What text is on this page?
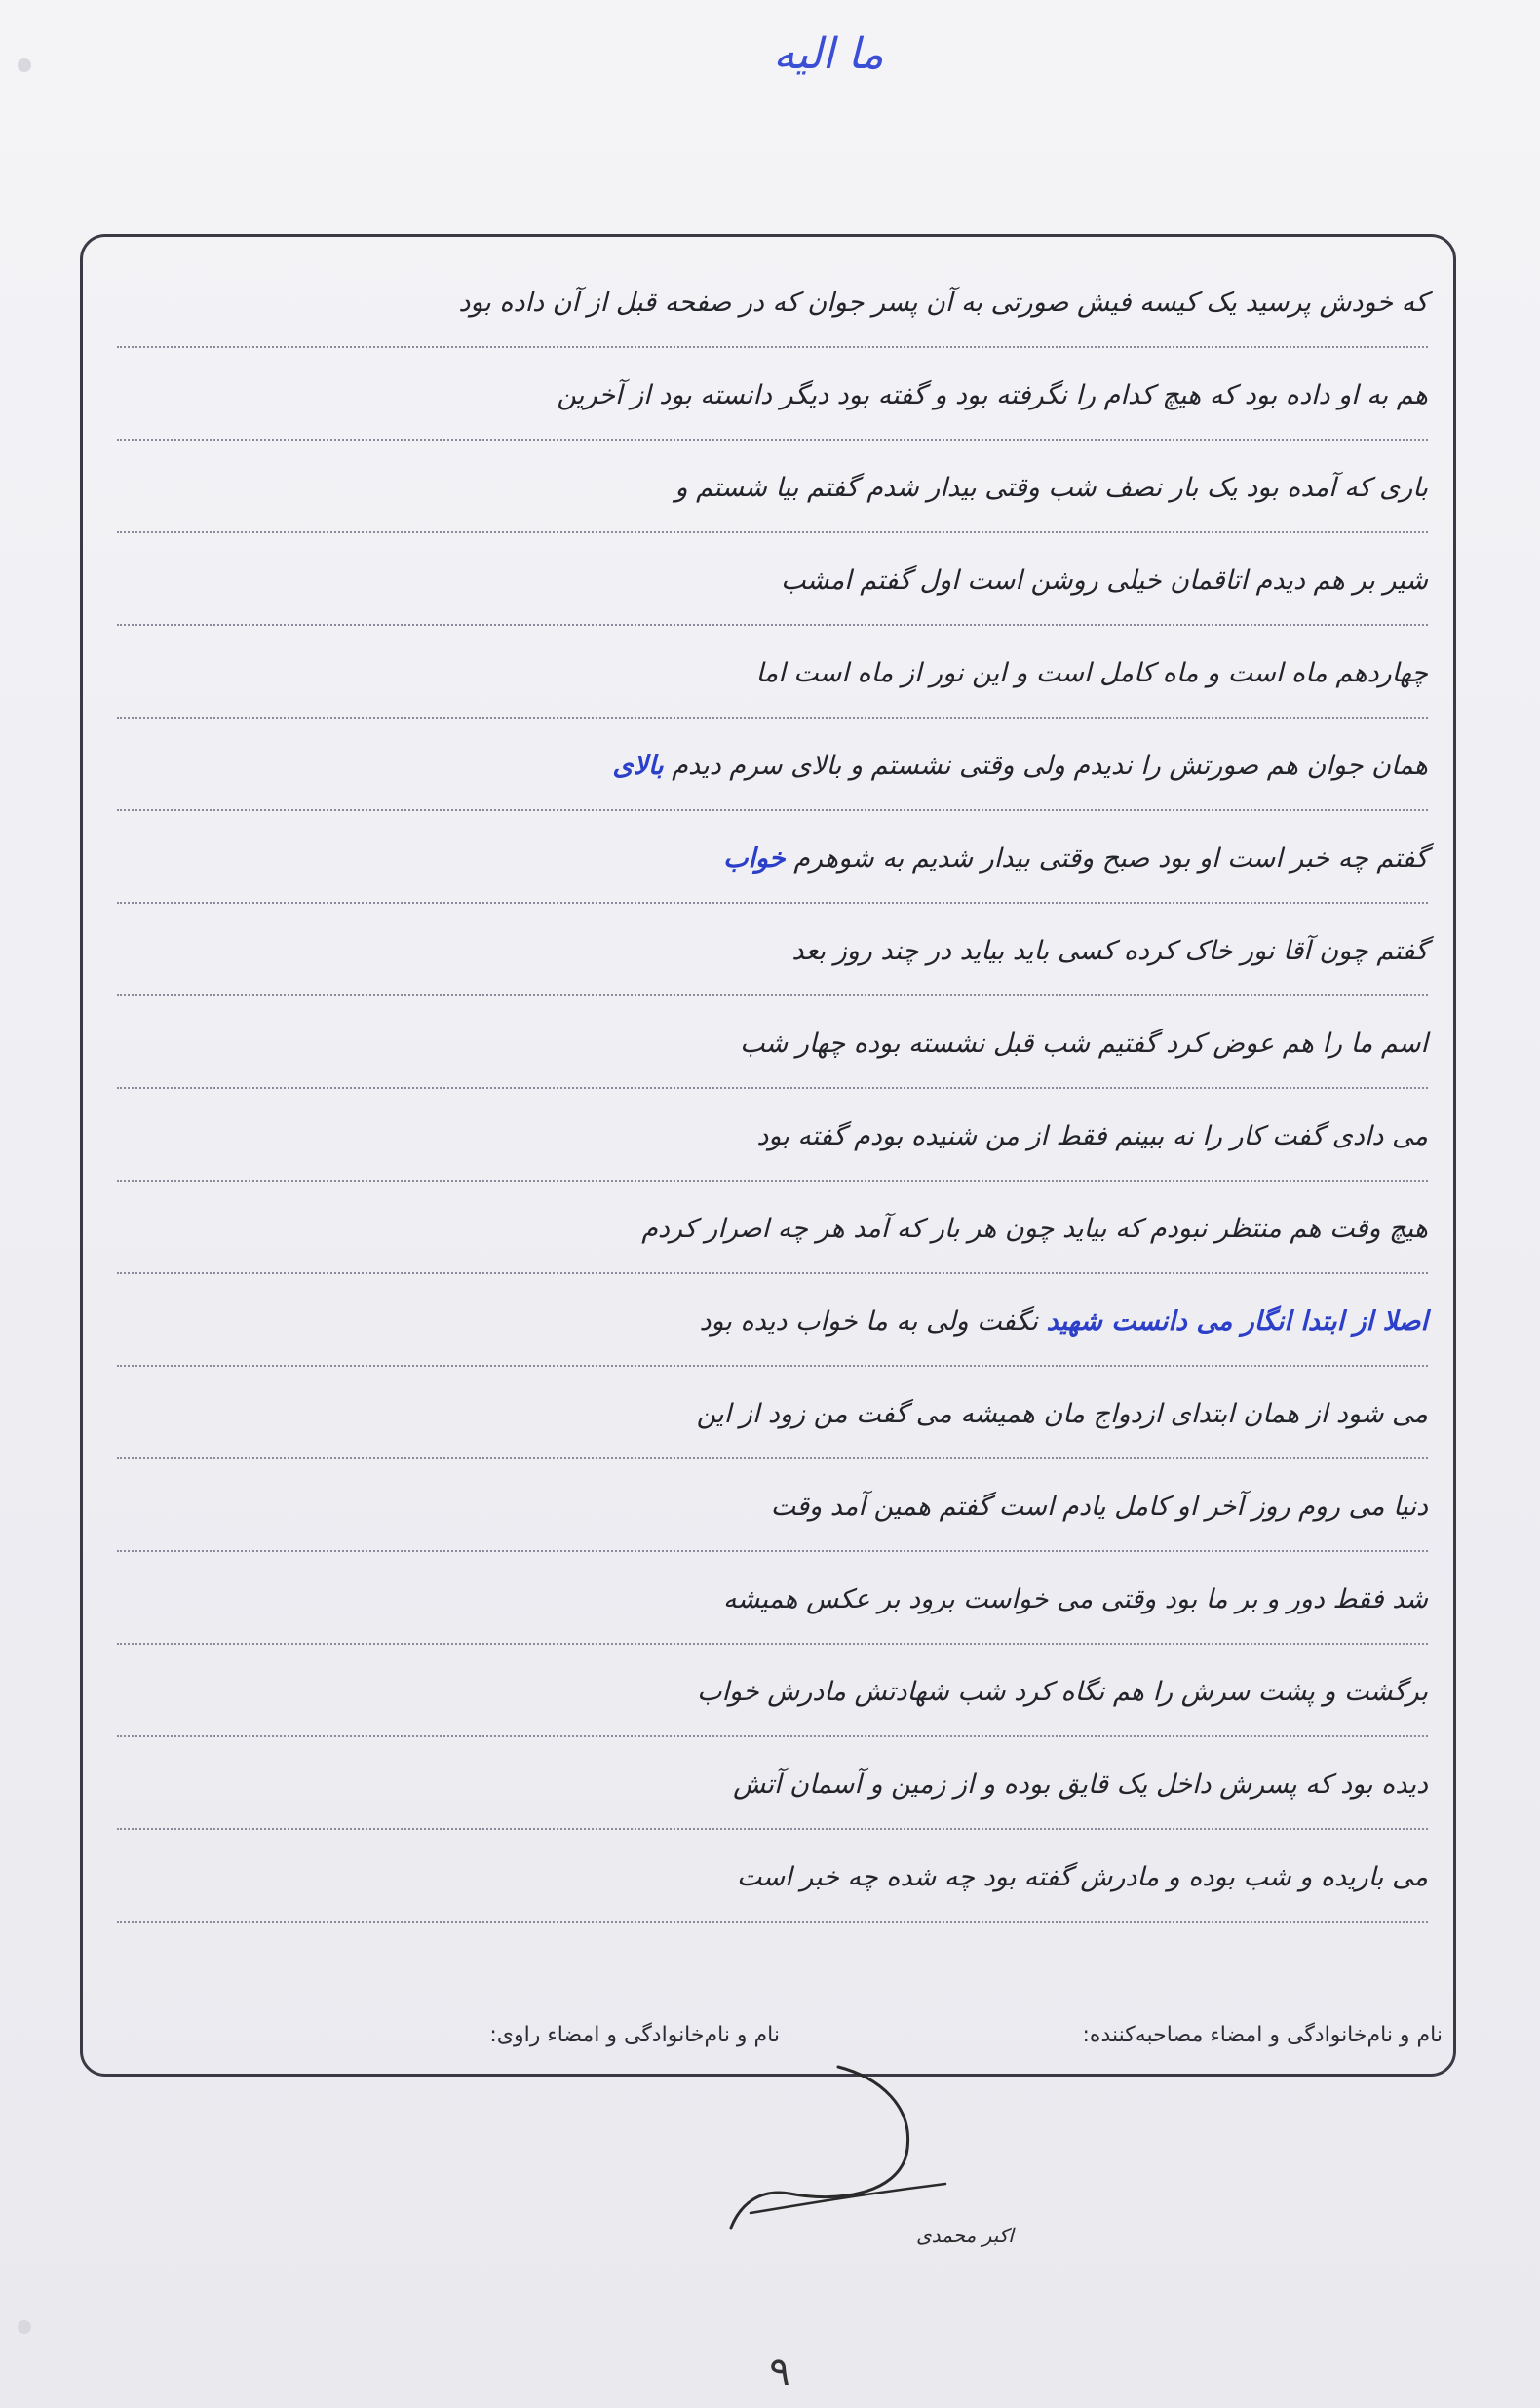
ما الیه
که خودش پرسید یک کیسه فیش صورتی به آن پسر جوان که در صفحه قبل از آن داده بود
هم به او داده بود که هیچ کدام را نگرفته بود و گفته بود دیگر دانسته بود از آخرین
باری که آمده بود یک بار نصف شب وقتی بیدار شدم گفتم بیا شستم و
شیر بر هم دیدم اتاقمان خیلی روشن است اول گفتم امشب
چهاردهم ماه است و ماه کامل است و این نور از ماه است اما
همان جوان هم صورتش را ندیدم ولی وقتی نشستم و بالای سرم دیدم بالای
گفتم چه خبر است او بود صبح وقتی بیدار شدیم به شوهرم خواب
گفتم چون آقا نور خاک کرده کسی باید بیاید در چند روز بعد
اسم ما را هم عوض کرد گفتیم شب قبل نشسته بوده چهار شب
می دادی گفت کار را نه ببینم فقط از من شنیده بودم گفته بود
هیچ وقت هم منتظر نبودم که بیاید چون هر بار که آمد هر چه اصرار کردم
اصلا از ابتدا انگار می دانست شهید نگفت ولی به ما خواب دیده بود
می شود از همان ابتدای ازدواج مان همیشه می گفت من زود از این
دنیا می روم روز آخر او کامل یادم است گفتم همین آمد وقت
شد فقط دور و بر ما بود وقتی می خواست برود بر عکس همیشه
برگشت و پشت سرش را هم نگاه کرد شب شهادتش مادرش خواب
دیده بود که پسرش داخل یک قایق بوده و از زمین و آسمان آتش
می باریده و شب بوده و مادرش گفته بود چه شده چه خبر است
نام و نام‌خانوادگی و امضاء مصاحبه‌کننده:
نام و نام‌خانوادگی و امضاء راوی:
اکبر محمدی
۹
